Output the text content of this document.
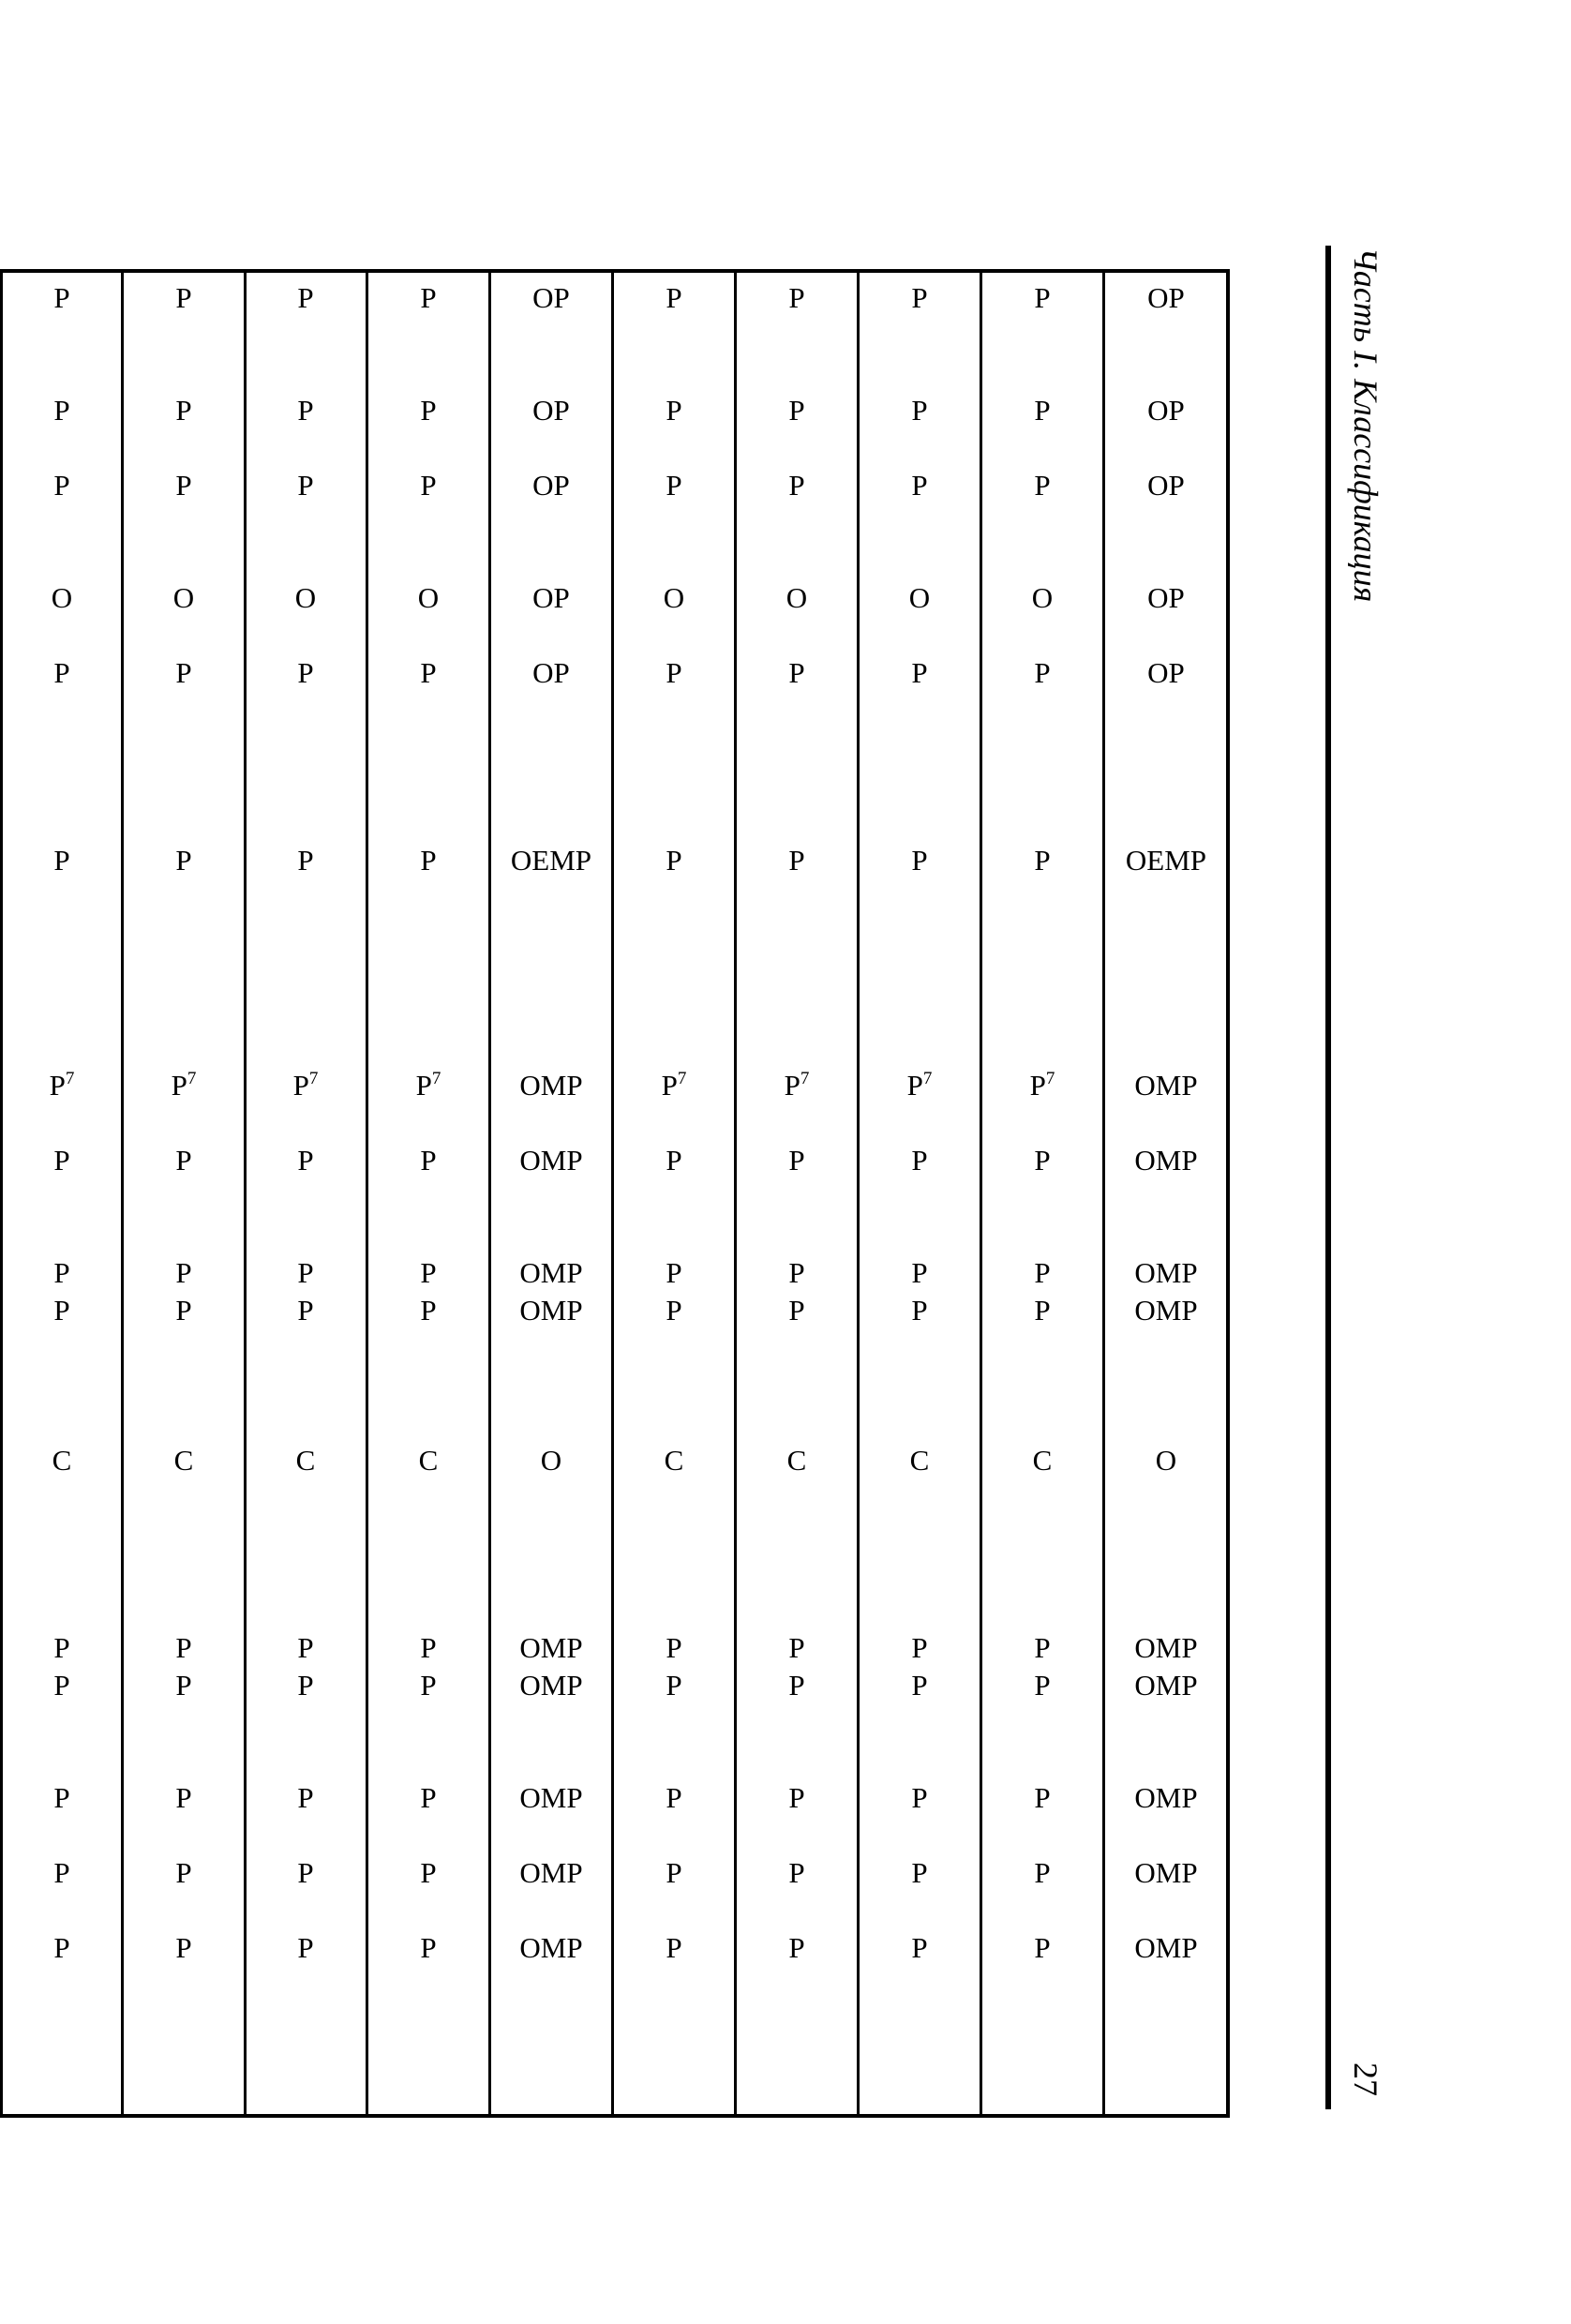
P
P
P
O
P
P
$P^7$
P
P
P
C
P
P
P
P
P
P
P
P
O
P
P
$P^7$
P
P
P
C
P
P
P
P
P
P
P
P
O
P
P
$P^7$
P
P
P
C
P
P
P
P
P
P
P
P
O
P
P
$P^7$
P
P
P
C
P
P
P
P
P
OP
OP
OP
OP
OP
OEMP
OMP
OMP
OMP
OMP
O
OMP
OMP
OMP
OMP
OMP
P
P
P
O
P
P
$P^7$
P
P
P
C
P
P
P
P
P
P
P
P
O
P
P
$P^7$
P
P
P
C
P
P
P
P
P
P
P
P
O
P
P
$P^7$
P
P
P
C
P
P
P
P
P
P
P
P
O
P
P
$P^7$
P
P
P
C
P
P
P
P
P
OP
OP
OP
OP
OP
OEMP
OMP
OMP
OMP
OMP
O
OMP
OMP
OMP
OMP
OMP
Часть I. Классификация
27
